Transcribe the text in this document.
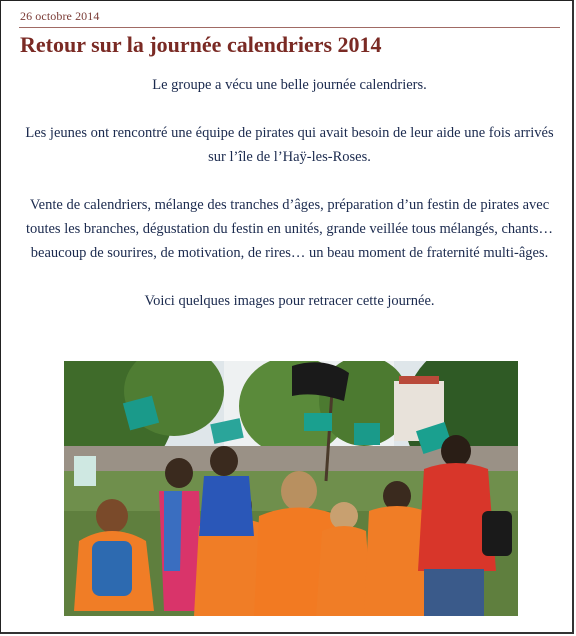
26 octobre 2014
Retour sur la journée calendriers 2014

Le groupe a vécu une belle journée calendriers.

Les jeunes ont rencontré une équipe de pirates qui avait besoin de leur aide une fois arrivés sur l’île de l’Haÿ-les-Roses.

Vente de calendriers, mélange des tranches d’âges, préparation d’un festin de pirates avec toutes les branches, dégustation du festin en unités, grande veillée tous mélangés, chants… beaucoup de sourires, de motivation, de rires… un beau moment de fraternité multi-âges.

Voici quelques images pour retracer cette journée.
